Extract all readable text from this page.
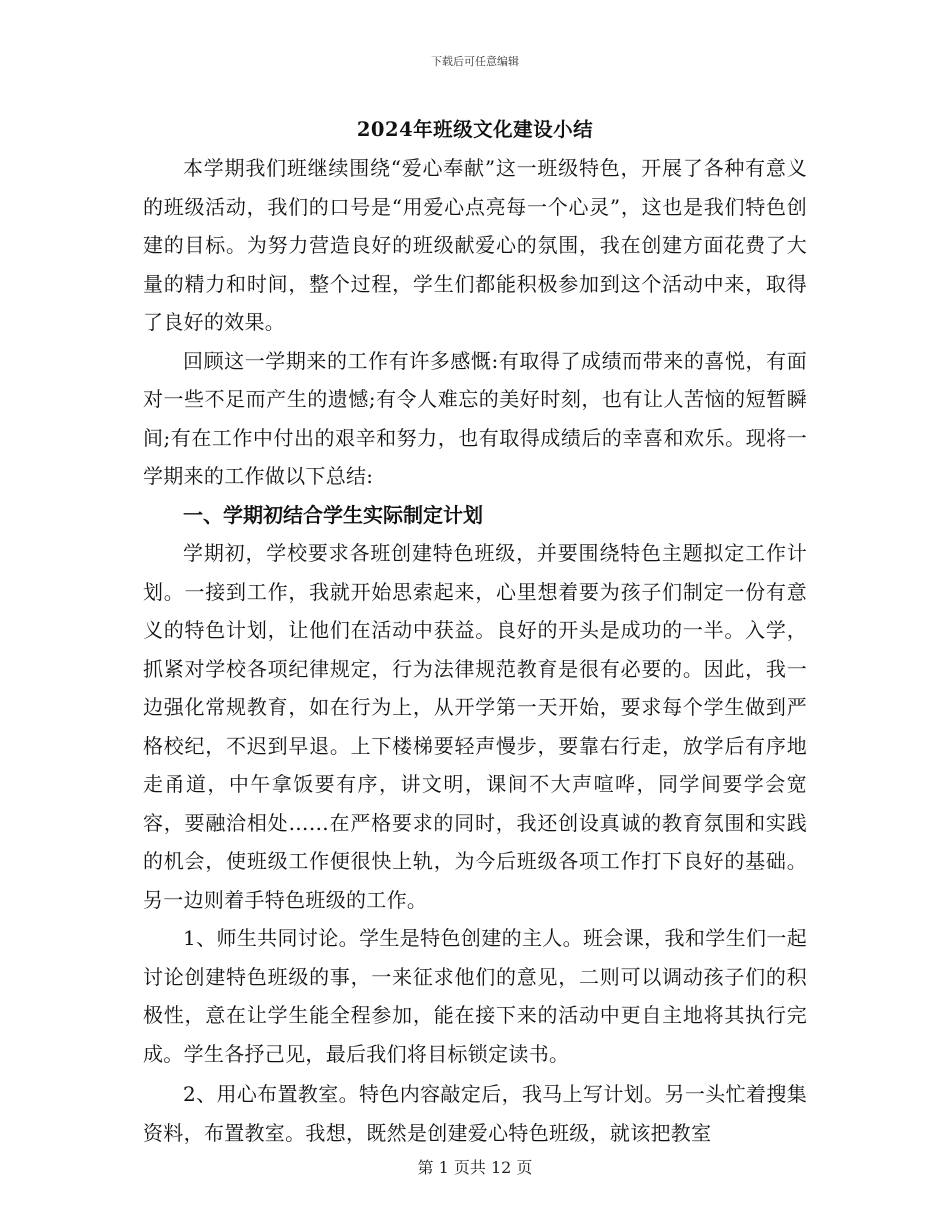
下载后可任意编辑
2024年班级文化建设小结

本学期我们班继续围绕“爱心奉献”这一班级特色，开展了各种有意义的班级活动，我们的口号是“用爱心点亮每一个心灵”，这也是我们特色创建的目标。为努力营造良好的班级献爱心的氛围，我在创建方面花费了大量的精力和时间，整个过程，学生们都能积极参加到这个活动中来，取得了良好的效果。

回顾这一学期来的工作有许多感慨:有取得了成绩而带来的喜悦，有面对一些不足而产生的遗憾;有令人难忘的美好时刻，也有让人苦恼的短暂瞬间;有在工作中付出的艰辛和努力，也有取得成绩后的幸喜和欢乐。现将一学期来的工作做以下总结:

一、学期初结合学生实际制定计划

学期初，学校要求各班创建特色班级，并要围绕特色主题拟定工作计划。一接到工作，我就开始思索起来，心里想着要为孩子们制定一份有意义的特色计划，让他们在活动中获益。良好的开头是成功的一半。入学，抓紧对学校各项纪律规定，行为法律规范教育是很有必要的。因此，我一边强化常规教育，如在行为上，从开学第一天开始，要求每个学生做到严格校纪，不迟到早退。上下楼梯要轻声慢步，要靠右行走，放学后有序地走甬道，中午拿饭要有序，讲文明，课间不大声喧哗，同学间要学会宽容，要融洽相处……在严格要求的同时，我还创设真诚的教育氛围和实践的机会，使班级工作便很快上轨，为今后班级各项工作打下良好的基础。另一边则着手特色班级的工作。

1、师生共同讨论。学生是特色创建的主人。班会课，我和学生们一起讨论创建特色班级的事，一来征求他们的意见，二则可以调动孩子们的积极性，意在让学生能全程参加，能在接下来的活动中更自主地将其执行完成。学生各抒己见，最后我们将目标锁定读书。

2、用心布置教室。特色内容敲定后，我马上写计划。另一头忙着搜集资料，布置教室。我想，既然是创建爱心特色班级，就该把教室

第 1 页共 12 页
